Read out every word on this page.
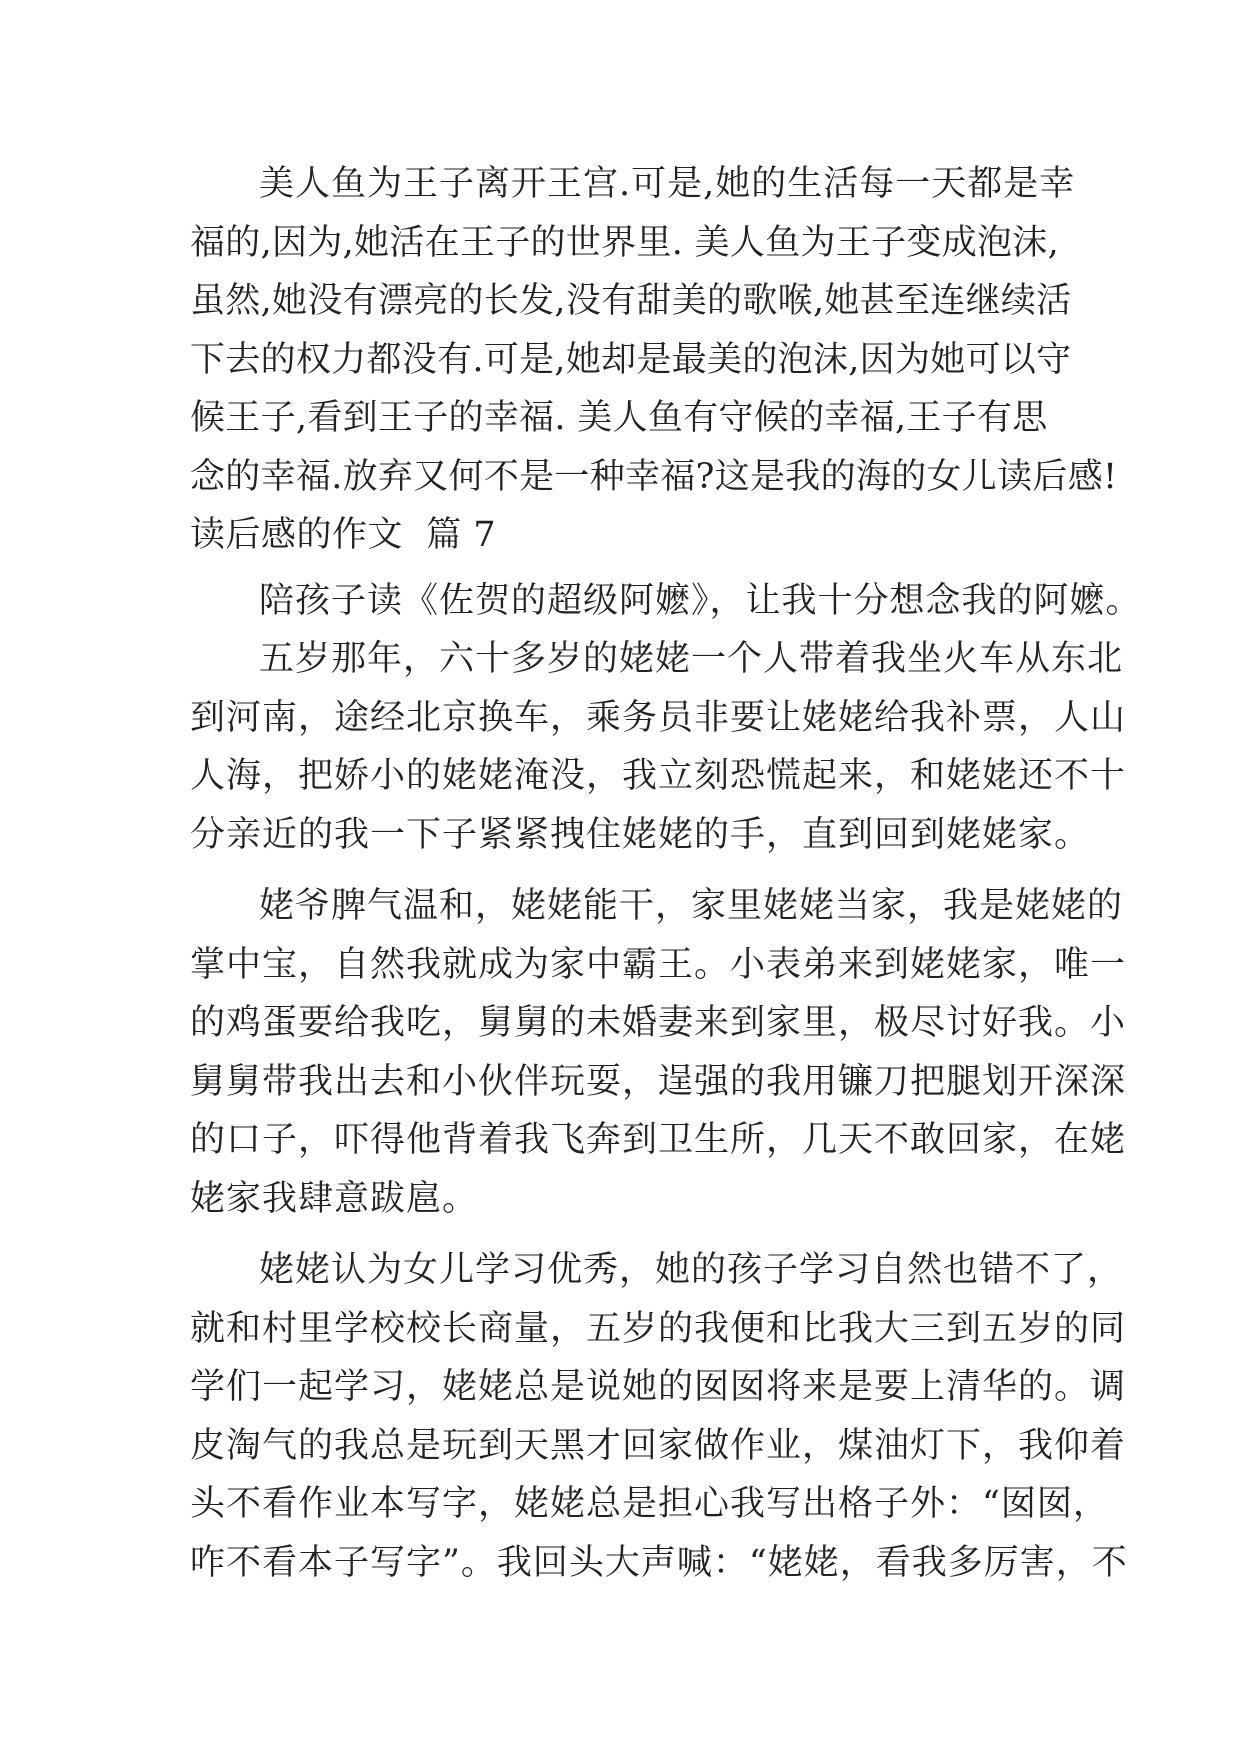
美人鱼为王子离开王宫.可是,她的生活每一天都是幸
福的,因为,她活在王子的世界里. 美人鱼为王子变成泡沫,
虽然,她没有漂亮的长发,没有甜美的歌喉,她甚至连继续活
下去的权力都没有.可是,她却是最美的泡沫,因为她可以守
候王子,看到王子的幸福. 美人鱼有守候的幸福,王子有思
念的幸福.放弃又何不是一种幸福?这是我的海的女儿读后感!
读后感的作文  篇 7
陪孩子读《佐贺的超级阿嬷》，让我十分想念我的阿嬷。
五岁那年，六十多岁的姥姥一个人带着我坐火车从东北
到河南，途经北京换车，乘务员非要让姥姥给我补票，人山
人海，把娇小的姥姥淹没，我立刻恐慌起来，和姥姥还不十
分亲近的我一下子紧紧拽住姥姥的手，直到回到姥姥家。
姥爷脾气温和，姥姥能干，家里姥姥当家，我是姥姥的
掌中宝，自然我就成为家中霸王。小表弟来到姥姥家，唯一
的鸡蛋要给我吃，舅舅的未婚妻来到家里，极尽讨好我。小
舅舅带我出去和小伙伴玩耍，逞强的我用镰刀把腿划开深深
的口子，吓得他背着我飞奔到卫生所，几天不敢回家，在姥
姥家我肆意跋扈。
姥姥认为女儿学习优秀，她的孩子学习自然也错不了，
就和村里学校校长商量，五岁的我便和比我大三到五岁的同
学们一起学习，姥姥总是说她的囡囡将来是要上清华的。调
皮淘气的我总是玩到天黑才回家做作业，煤油灯下，我仰着
头不看作业本写字，姥姥总是担心我写出格子外：“囡囡，
咋不看本子写字”。我回头大声喊：“姥姥，看我多厉害，不
